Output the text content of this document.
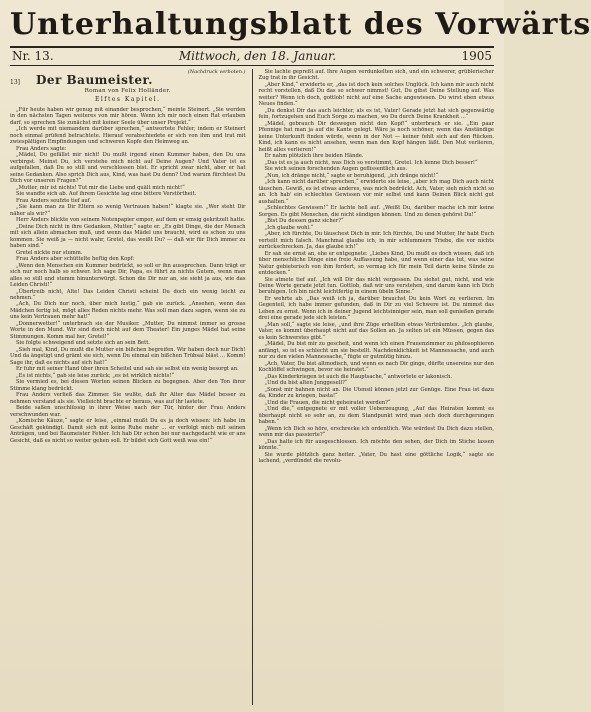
Unterhaltungsblatt des Vorwärts
Nr. 13.	Mittwoch, den 18. Januar.	1905
(Nachdruck verboten.)
13]	Der Baumeister.
Roman von Felix Holländer.
Elftes Kapitel.

„Für heute haben wir genug mit einander besprochen,“ meinte Steinert. „Sie werden in den nächsten Tagen weiteres von mir hören. Wenn ich mir noch einen Rat erlauben darf, so sprechen Sie zunächst mit keiner Seele über unser Projekt.“

„Ich werde mit niemandem darüber sprechen,“ antwortete Fehler, indem er Steinert noch einmal prüfend betrachtete. Hierauf verabschiedete er sich von ihm und trat mit zwiespältigen Empfindungen und schweren Kopfe den Heimweg an.

Frau Anders sagte:

„Mädel, Du gefällst mir nicht! Du mußt irgend einen Kummer haben, den Du uns verbirgst. Meinst Du, ich verstehe mich nicht auf Deine Augen? Und Vater ist es aufgefallen, daß Du so still und verschlossen bist. Er spricht zwar nicht, aber er hat seine Gedanken. Also sprich Dich aus, Kind, was hast Du denn? Und warum fürchtest Du Dich vor unseren Fragen?“

„Mutter, mir ist nichts! Tut mir die Liebe und quält mich nicht!“

Sie wandte sich ab. Auf ihrem Gesichte lag eine bittere Verstörtheit.

Frau Anders seufzte tief auf.

„Sie kann man zu Dir Eltern so wenig Vertrauen haben!“ klagte sie. „Wer steht Dir näher als wir?“

Herr Anders blickte von seinem Notenpapier empor, auf dem er emsig gekritzelt hatte.

„Deine Dich nicht in ihre Gedanken, Mutter,“ sagte er. „Es gibt Dinge, die der Mensch mit sich allein abmachen muß, und wenn das Mädel uns braucht, wird es schon zu uns kommen. Sie weiß ja — nicht wahr, Gretel, das weißt Du? — daß wir für Dich immer zu haben sind.“

Gretel nickte nur stumm.

Frau Anders aber schüttelte heftig den Kopf:

„Wenn den Menschen ein Kummer bedrückt, so soll er ihn aussprechen. Dann trägt er sich nur noch halb so schwer. Ich sage Dir, Papa, es führt zu nichts Gutem, wenn man alles so still und stumm hinunterwürgt. Schon die Dir nur an, sie sieht ja aus, wie das Leiden Christi!“

„Übertreib nicht, Alte! Das Leiden Christi scheint Du doch ein wenig leicht zu nehmen.“

„Ach, Du Dich nur noch, über mich lustig,“ gab sie zurück. „Ansehen, wenn das Mädchen fertig ist, mögt alles Reden nichts mehr. Was soll man dazu sagen, wenn sie zu uns kein Vertrauen mehr hat!“

„Donnerwetter!“ unterbrach sie der Musiker. „Mutter, Du nimmst immer so grosse Worte in den Mund. Wir sind doch nicht auf dem Theater! Ein junges Mädel hat seine Stimmungen. Komm mal her, Gretel!“

Sie folgte schweigend und setzte sich an sein Bett.

„Sieh mal, Kind, Du mußt die Mutter ein bißchen begreifen. Wir haben doch nur Dich! Und da ängstigt und grämt sie sich, wenn Du einmal ein bißchen Trübsal bläst ... Komm! Sage ihr, daß es nichts auf sich hat!“

Er fuhr mit seiner Hand über ihren Scheitel und sah sie selbst ein wenig besorgt an.

„Es ist nichts,“ gab sie leise zurück; „es ist wirklich nichts!“

Sie vermied es, bei diesen Worten seinen Blicken zu begegnen. Aber den Ton ihrer Stimme klang bedrückt.

Frau Anders verließ das Zimmer. Sie wußte, daß ihr Alter das Mädel besser zu nehmen verstand als sie. Vielleicht brachte er heraus, was auf ihr lastete.

Beide saßen unschlüssig in ihrer Weise nach der Tür, hinter der Frau Anders verschwunden war.

„Komische Käuze,“ sagte er leise, „einmal mußt Du es ja doch wissen: ich habe im Geschäft gekündigt. Damit sich mit keine Ruhe mehr ... er verfolgt mich mit seinen Anträgen, und bei Baumeister Fehler. Ich hab Dir schon bei nur nachgedacht wie er ans Gesicht, daß es nicht so weiter gehen soll. Er bildet sich Gott weiß was ein!“

Sie lachte gepreßt auf. Ihre Augen verdunkelten sich, und ein schwerer, grüblerischer Zug trat in ihr Gesicht.

„Aber Kind,“ erwiderte er, „das ist doch kein solches Unglück. Ich kann mir auch nicht recht vorstellen, daß Du das so schwer nimmst! Gut, Du gibst Deine Stellung auf. Was weiter? Wenn ich doch, gottlob! nicht auf eine Sache angewiesen. Du wirst eben etwas Neues finden.“

„Du denkst Dir das auch leichter, als es ist, Vater! Gerade jetzt hat sich gegenwärtig fein, fortzugehen und Euch Sorge zu machen, wo Du durch Deine Krankheit ...“

„Mädel, gebrauch Dir deswegen nicht den Kopf!“ unterbrach er sie. „Ein paar Pfennige hat man ja auf die Kante gelegt. Wäre ja noch schöner, wenn das Anständige keine Unterkunft finden würde, wenn in der Not — keiner fehlt sich auf den Rücken. Kind, ich kann es nicht ansehen, wenn man den Kopf hängen läßt. Den Mut verlieren, heißt alles verlieren!“

Er nahm plötzlich ihre beiden Hände.

„Das ist es ja auch nicht, was Dich so verstimmt, Gretel. Ich kenne Dich besser!“

Sie wich seinen forschenden Augen geflissentlich aus.

„Nun, ich dränge nicht,“ sagte er beruhigend, „ich dränge nicht!“

„Ich kann nicht darüber sprechen,“ erwiderte sie leise, „aber ich mag Dich auch nicht täuschen. Gewiß, es ist etwas anderes, was mich bedrückt. Ach, Vater, sieh mich nicht so an. Ich hab' ein schlechtes Gewissen vor mir selbst und kann Deinen Blick nicht gut aushalten.“

„Schlechtes Gewissen!“ Er lachte hell auf. „Weißt Du, darüber mache ich mir keine Sorgen. Es gibt Menschen, die nicht sündigen können. Und zu denen gehörst Du!“

„Bist Du dessen ganz sicher?“

„Ich glaube wohl.“

„Aber, ich fürchte, Du täuschest Dich in mir. Ich fürchte, Du und Mutter, Ihr habt Euch verteilt mich falsch. Manchmal glaube ich, in mir schlummern Triebe, die vor nichts zurückschrecken. Ja, das glaube ich!“

Er sah sie ernst an, ehe er entgegnete: „Liebes Kind, Du mußt es doch wissen, daß ich über menschliche Dinge eine freie Auffassung habe, und wenn einer das tut, was seine Natur gebieterisch von ihm fordert, so vermag ich für mein Teil darin keine Sünde zu entdecken.“

Sie atmete tief auf. „Ich will Dir das nicht vergessen. Du siehst gut, nicht, und wie Deine Worte gerade jetzt tun. Gottlob, daß wir uns verstehen, und darum kann ich Dich beruhigen. Ich bin nicht leichtfertig in einem übeln Sinne.“

Er wehrte ab. „Das weiß ich ja, darüber brauchst Du kein Wort zu verlieren. Im Gegenteil, ich habe immer gefunden, daß in Dir zu viel Schwere ist. Du nimmst das Leben zu ernst. Wenn ich in deiner Jugend leichtsinniger sein, man soll genießen gerade drei eine gerade jede sich leisten.“

„Man soll,“ sagte sie leise, „und ihre Züge erhellten etwas Verträumtes. „Ich glaube, Vater, es kommt überhaupt nicht auf das Sollen an. Ja selten ist ein Müssen, gegen das es kein Schwerstes gibt.“

„Mädel, Du bist mir zu gescheit, und wenn ich einen Frauenzimmer zu philosophieren anfängt, so ist es schlecht um sie bestellt. Nachdenklichkeit ist Mannessache, und auch nur zu den vielen Mannessache,“ fügte er gutmütig hinzu.

„Ach, Vater, Du bist altmodisch, und wenn es nach Dir ginge, dürfte unsereins nur den Kochlöffel schwingen, bevor sie heiratet.“

„Das Kinderkriegen ist auch die Hauptsache,“ antwortete er lakonisch.

„Und du bist alten Junggesell?“

„Sonst mir bahnen nicht an. Die Utensil können jetzt zur Genüge. Eine Frau ist dazu da, Kinder zu kriegen, basta!“

„Und die Frauen, die nicht geheiratet werden?“

„Und die,“ entgegnete er mit voller Ueberzeugung, „Auf das Heiraten kommt es überhaupt nicht so sehr an, zu dem Standpunkt wird man sich doch durchgerungen haben.“

„Wenn ich Dich so höre, erschrecke ich ordentlich. Wie würdest Du Dich dazu stellen, wenn mir das passierte?“

„Das halte ich für ausgeschlossen. Ich möchte den sehen, der Dich im Stiche lassen könnte.“

Sie wurde plötzlich ganz heiter. „Vater, Du hast eine göttliche Logik,“ sagte sie lachend, „verdündet die revolu-
